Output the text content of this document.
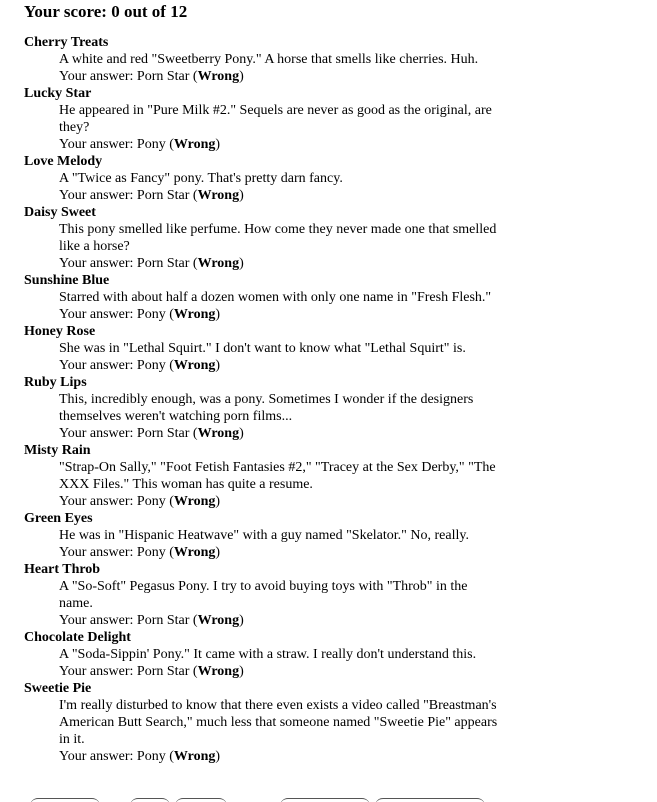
Your score: 0 out of 12
Cherry Treats
A white and red "Sweetberry Pony." A horse that smells like cherries. Huh.
Your answer: Porn Star (Wrong)
Lucky Star
He appeared in "Pure Milk #2." Sequels are never as good as the original, are they?
Your answer: Pony (Wrong)
Love Melody
A "Twice as Fancy" pony. That's pretty darn fancy.
Your answer: Porn Star (Wrong)
Daisy Sweet
This pony smelled like perfume. How come they never made one that smelled like a horse?
Your answer: Porn Star (Wrong)
Sunshine Blue
Starred with about half a dozen women with only one name in "Fresh Flesh."
Your answer: Pony (Wrong)
Honey Rose
She was in "Lethal Squirt." I don't want to know what "Lethal Squirt" is.
Your answer: Pony (Wrong)
Ruby Lips
This, incredibly enough, was a pony. Sometimes I wonder if the designers themselves weren't watching porn films...
Your answer: Porn Star (Wrong)
Misty Rain
"Strap-On Sally," "Foot Fetish Fantasies #2," "Tracey at the Sex Derby," "The XXX Files." This woman has quite a resume.
Your answer: Pony (Wrong)
Green Eyes
He was in "Hispanic Heatwave" with a guy named "Skelator." No, really.
Your answer: Pony (Wrong)
Heart Throb
A "So-Soft" Pegasus Pony. I try to avoid buying toys with "Throb" in the name.
Your answer: Porn Star (Wrong)
Chocolate Delight
A "Soda-Sippin' Pony." It came with a straw. I really don't understand this.
Your answer: Porn Star (Wrong)
Sweetie Pie
I'm really disturbed to know that there even exists a video called "Breastman's American Butt Search," much less that someone named "Sweetie Pie" appears in it.
Your answer: Pony (Wrong)
